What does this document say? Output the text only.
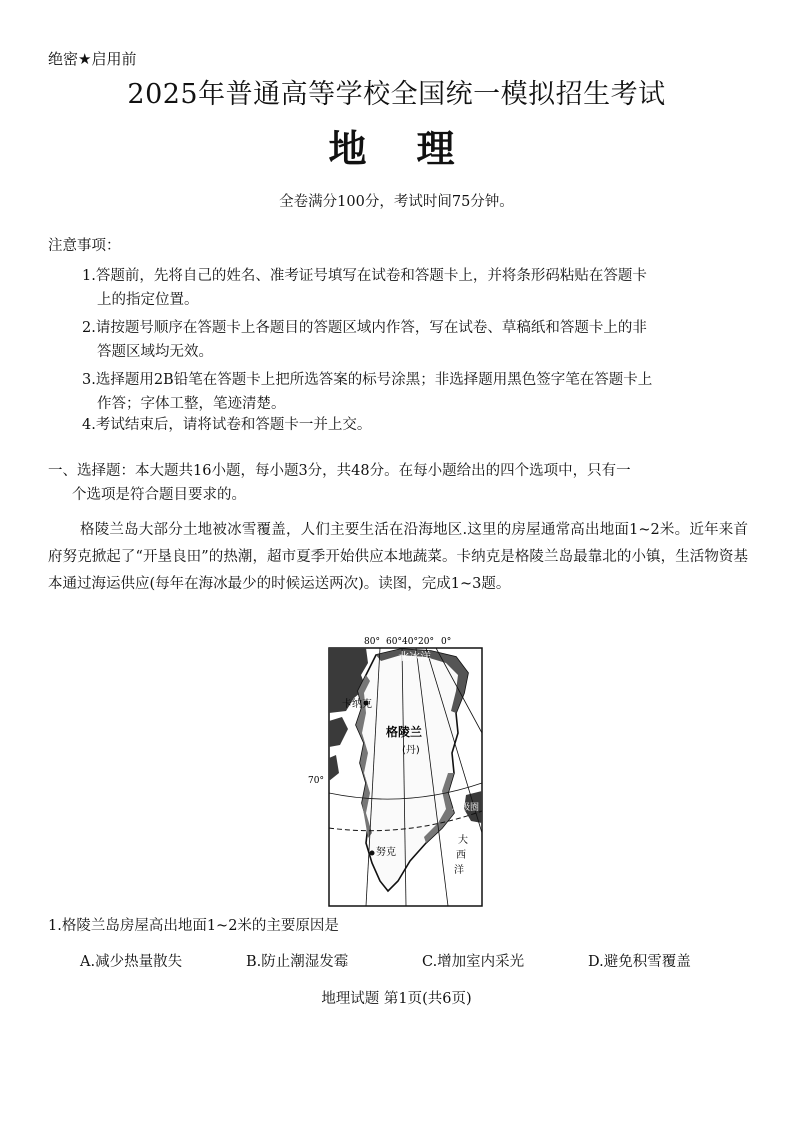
绝密★启用前
2025年普通高等学校全国统一模拟招生考试
地理
全卷满分100分，考试时间75分钟。
注意事项：
1.答题前，先将自己的姓名、准考证号填写在试卷和答题卡上，并将条形码粘贴在答题卡
上的指定位置。
2.请按题号顺序在答题卡上各题目的答题区域内作答，写在试卷、草稿纸和答题卡上的非
答题区域均无效。
3.选择题用2B铅笔在答题卡上把所选答案的标号涂黑；非选择题用黑色签字笔在答题卡上
作答；字体工整，笔迹清楚。
4.考试结束后，请将试卷和答题卡一并上交。
一、选择题：本大题共16小题，每小题3分，共48分。在每小题给出的四个选项中，只有一
个选项是符合题目要求的。
格陵兰岛大部分土地被冰雪覆盖，人们主要生活在沿海地区.这里的房屋通常高出地面1~2米。近年来首府努克掀起了“开垦良田”的热潮，超市夏季开始供应本地蔬菜。卡纳克是格陵兰岛最靠北的小镇，生活物资基本通过海运供应(每年在海冰最少的时候运送两次)。读图，完成1~3题。
80° 60° 40° 20° 0°
70°
北冰洋
卡纳克
格陵兰
(丹)
北极圈
努克
大
西
洋
1.格陵兰岛房屋高出地面1~2米的主要原因是
A.减少热量散失	B.防止潮湿发霉	C.增加室内采光	D.避免积雪覆盖
地理试题 第1页(共6页)
